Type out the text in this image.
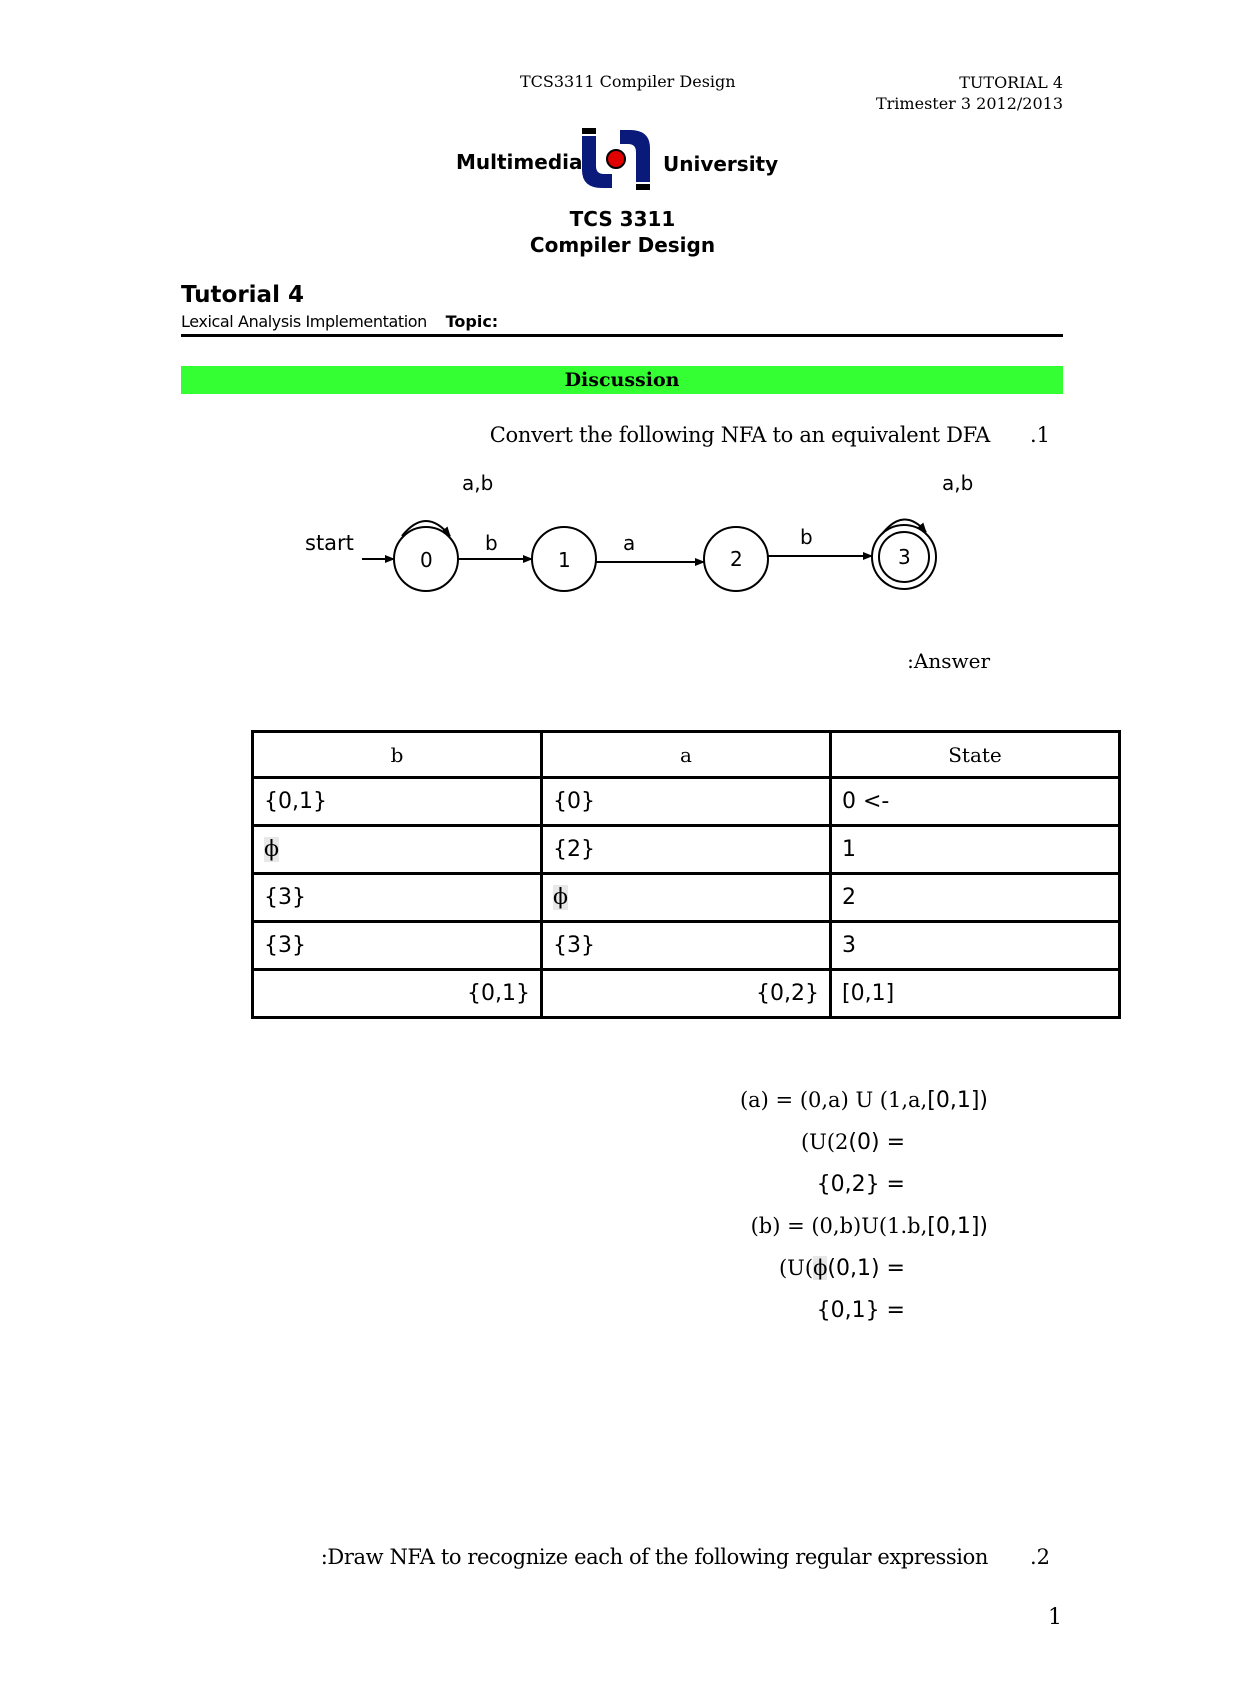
TCS3311 Compiler Design	TUTORIAL 4
Trimester 3 2012/2013
Multimedia	University
TCS 3311
Compiler Design
Tutorial 4
Lexical Analysis Implementation Topic:
Discussion
Convert the following NFA to an equivalent DFA .1
a,b	a,b
start
0
b
1
a
2
b
3
:Answer
b	a	State
{0,1}	{0}	0 <-
ϕ	{2}	1
{3}	ϕ	2
{3}	{3}	3
{0,1}	{0,2}	[0,1]
(a) = (0,a) U (1,a,[0,1])
(U(2(0) =
{0,2} =
(b) = (0,b)U(1.b,[0,1])
(U(ϕ(0,1) =
{0,1} =
:Draw NFA to recognize each of the following regular expression .2
1
